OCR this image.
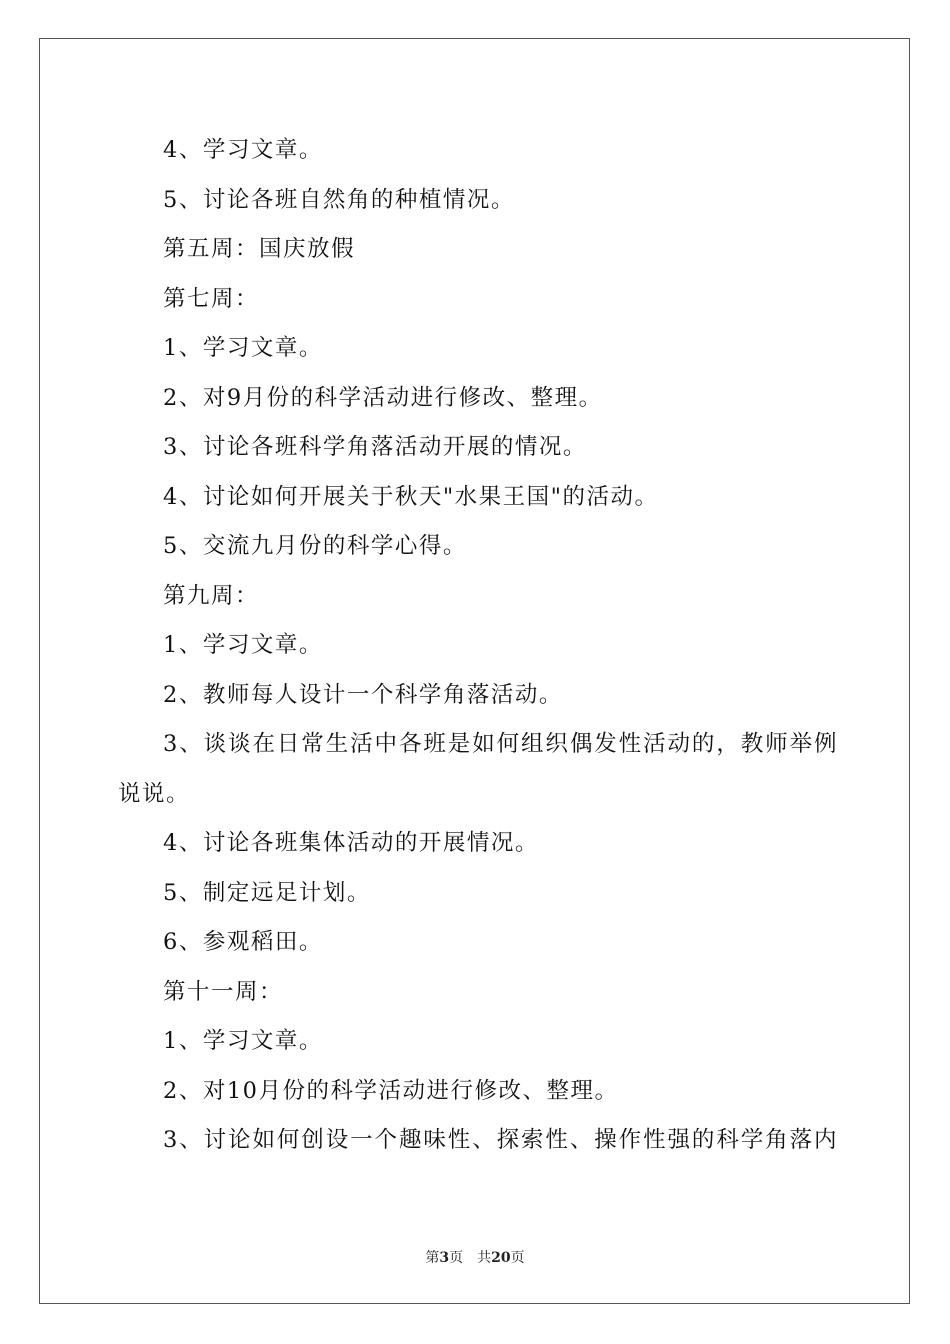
4、学习文章。
5、讨论各班自然角的种植情况。
第五周：国庆放假
第七周：
1、学习文章。
2、对9月份的科学活动进行修改、整理。
3、讨论各班科学角落活动开展的情况。
4、讨论如何开展关于秋天"水果王国"的活动。
5、交流九月份的科学心得。
第九周：
1、学习文章。
2、教师每人设计一个科学角落活动。
3、谈谈在日常生活中各班是如何组织偶发性活动的，教师举例
说说。
4、讨论各班集体活动的开展情况。
5、制定远足计划。
6、参观稻田。
第十一周：
1、学习文章。
2、对10月份的科学活动进行修改、整理。
3、讨论如何创设一个趣味性、探索性、操作性强的科学角落内
第3页 共20页
